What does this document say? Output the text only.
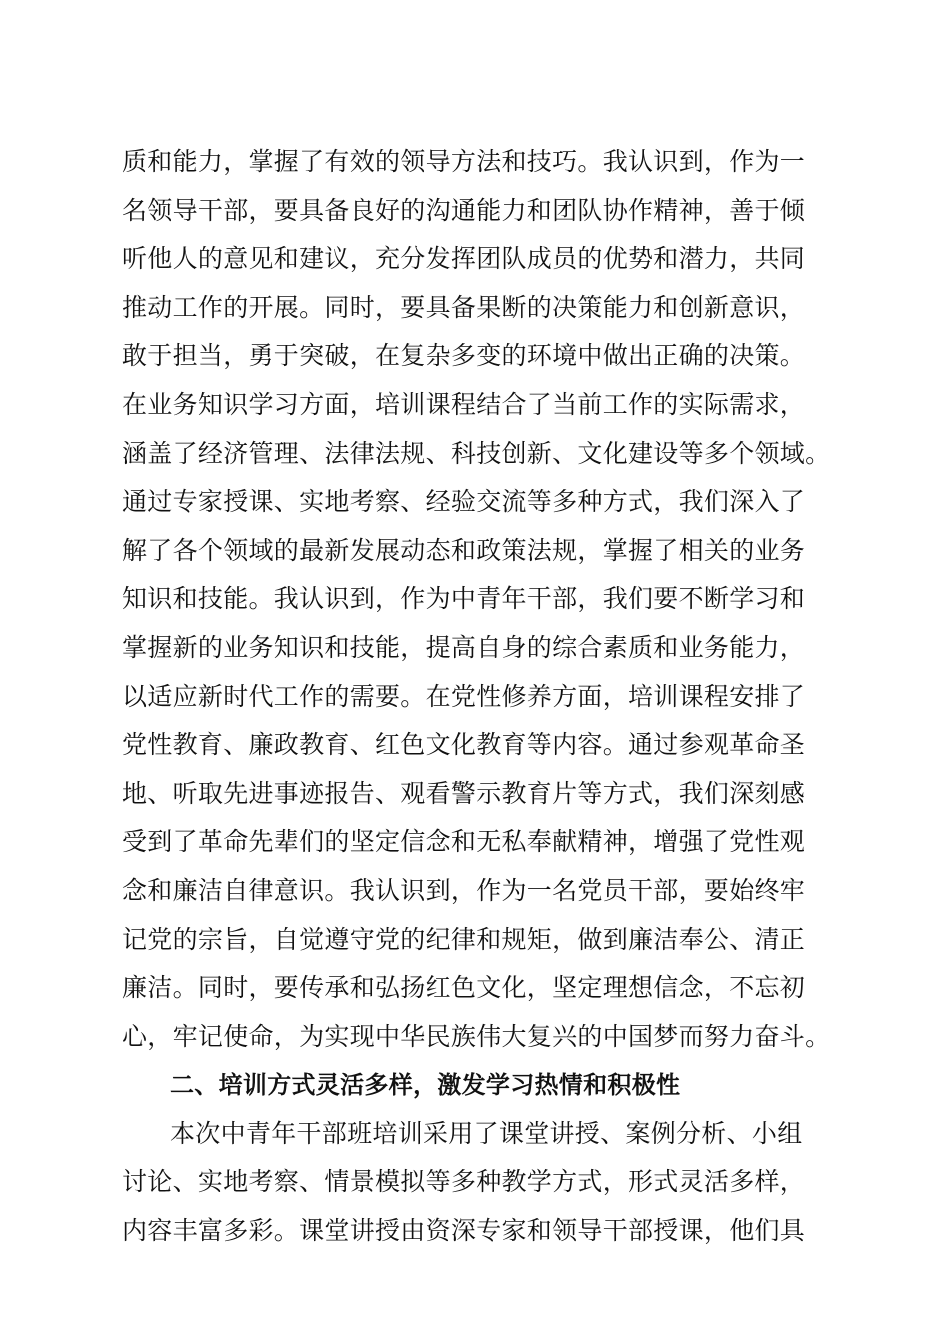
质和能力，掌握了有效的领导方法和技巧。我认识到，作为一
名领导干部，要具备良好的沟通能力和团队协作精神，善于倾
听他人的意见和建议，充分发挥团队成员的优势和潜力，共同
推动工作的开展。同时，要具备果断的决策能力和创新意识，
敢于担当，勇于突破，在复杂多变的环境中做出正确的决策。
在业务知识学习方面，培训课程结合了当前工作的实际需求，
涵盖了经济管理、法律法规、科技创新、文化建设等多个领域。
通过专家授课、实地考察、经验交流等多种方式，我们深入了
解了各个领域的最新发展动态和政策法规，掌握了相关的业务
知识和技能。我认识到，作为中青年干部，我们要不断学习和
掌握新的业务知识和技能，提高自身的综合素质和业务能力，
以适应新时代工作的需要。在党性修养方面，培训课程安排了
党性教育、廉政教育、红色文化教育等内容。通过参观革命圣
地、听取先进事迹报告、观看警示教育片等方式，我们深刻感
受到了革命先辈们的坚定信念和无私奉献精神，增强了党性观
念和廉洁自律意识。我认识到，作为一名党员干部，要始终牢
记党的宗旨，自觉遵守党的纪律和规矩，做到廉洁奉公、清正
廉洁。同时，要传承和弘扬红色文化，坚定理想信念，不忘初
心，牢记使命，为实现中华民族伟大复兴的中国梦而努力奋斗。
二、培训方式灵活多样，激发学习热情和积极性
本次中青年干部班培训采用了课堂讲授、案例分析、小组
讨论、实地考察、情景模拟等多种教学方式，形式灵活多样，
内容丰富多彩。课堂讲授由资深专家和领导干部授课，他们具
